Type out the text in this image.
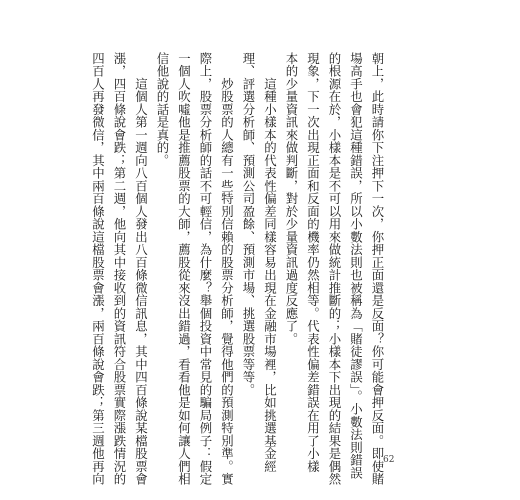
朝上，此時請你下注押下一次，你押正面還是反面？你可能會押反面。即使賭
場高手也會犯這種錯誤，所以小數法則也被稱為「賭徒謬誤」。小數法則錯誤
的根源在於，小樣本是不可以用來做統計推斷的；小樣本下出現的結果是偶然
現象，下一次出現正面和反面的機率仍然相等。代表性偏差錯誤在用了小樣
本的少量資訊來做判斷，對於少量資訊過度反應了。

　　這種小樣本的代表性偏差同樣容易出現在金融市場裡，比如挑選基金經
理、評選分析師、預測公司盈餘、預測市場、挑選股票等等。

　　炒股票的人總有一些特別信賴的股票分析師，覺得他們的預測特別準。實
際上，股票分析師的話不可輕信，為什麼？舉個投資中常見的騙局例子：假定
一個人吹噓他是推薦股票的大師，薦股從來沒出錯過，看看他是如何讓人們相
信他說的話是真的。

　　這個人第一週向八百個人發出八百條微信訊息，其中四百條說某檔股票會
漲，四百條說會跌；第二週，他向其中接收到的資訊符合股票實際漲跌情況的
四百人再發微信，其中兩百條說這檔股票會漲，兩百條說會跌；第三週他再向	62
